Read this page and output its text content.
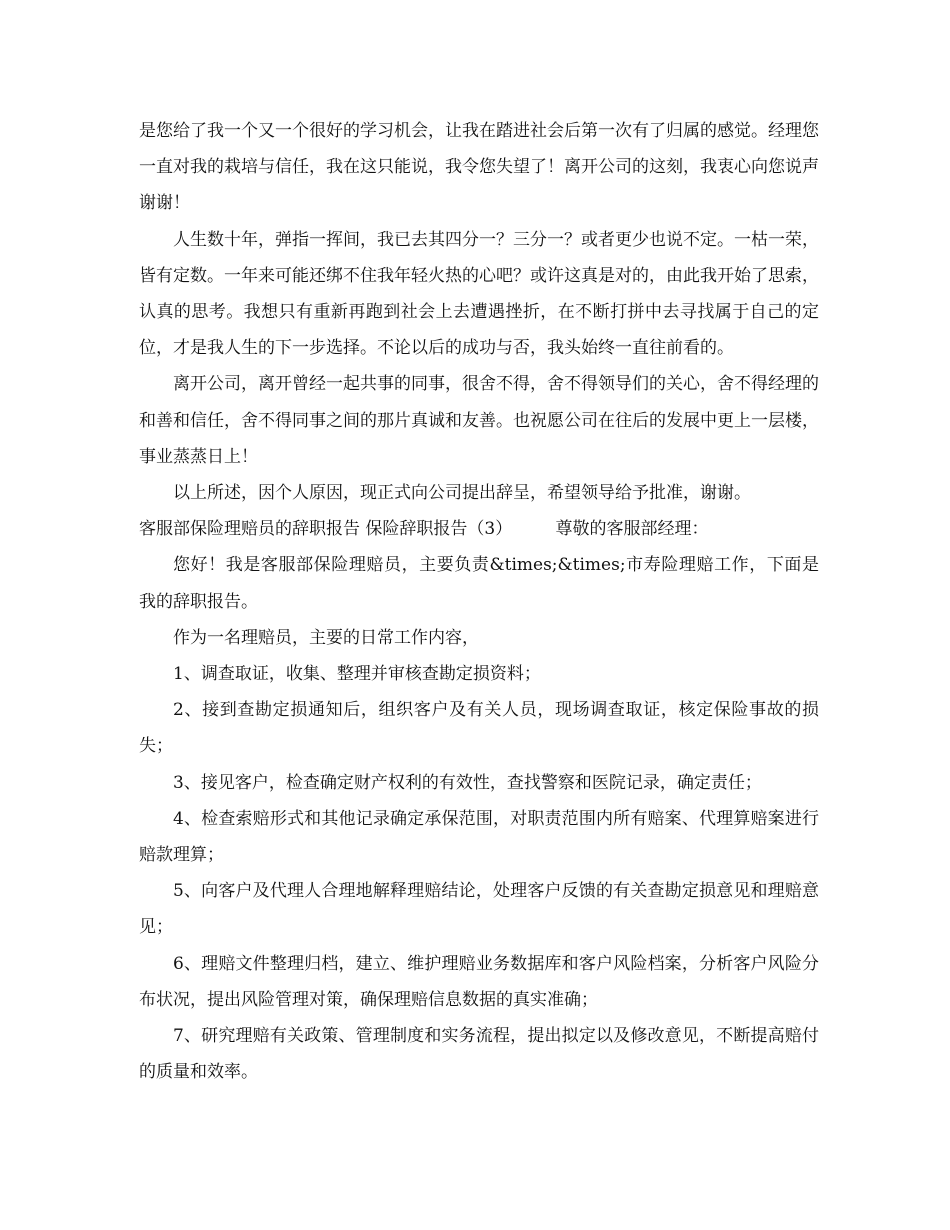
是您给了我一个又一个很好的学习机会，让我在踏进社会后第一次有了归属的感觉。经理您一直对我的栽培与信任，我在这只能说，我令您失望了！离开公司的这刻，我衷心向您说声谢谢！

人生数十年，弹指一挥间，我已去其四分一？三分一？或者更少也说不定。一枯一荣，皆有定数。一年来可能还绑不住我年轻火热的心吧？或许这真是对的，由此我开始了思索，认真的思考。我想只有重新再跑到社会上去遭遇挫折，在不断打拼中去寻找属于自己的定位，才是我人生的下一步选择。不论以后的成功与否，我头始终一直往前看的。

离开公司，离开曾经一起共事的同事，很舍不得，舍不得领导们的关心，舍不得经理的和善和信任，舍不得同事之间的那片真诚和友善。也祝愿公司在往后的发展中更上一层楼，事业蒸蒸日上！

以上所述，因个人原因，现正式向公司提出辞呈，希望领导给予批准，谢谢。

客服部保险理赔员的辞职报告 保险辞职报告（3）        尊敬的客服部经理：

您好！我是客服部保险理赔员，主要负责&times;&times;市寿险理赔工作，下面是我的辞职报告。

作为一名理赔员，主要的日常工作内容，

1、调查取证，收集、整理并审核查勘定损资料；

2、接到查勘定损通知后，组织客户及有关人员，现场调查取证，核定保险事故的损失；

3、接见客户，检查确定财产权利的有效性，查找警察和医院记录，确定责任；

4、检查索赔形式和其他记录确定承保范围，对职责范围内所有赔案、代理算赔案进行赔款理算；

5、向客户及代理人合理地解释理赔结论，处理客户反馈的有关查勘定损意见和理赔意见；

6、理赔文件整理归档，建立、维护理赔业务数据库和客户风险档案，分析客户风险分布状况，提出风险管理对策，确保理赔信息数据的真实准确；

7、研究理赔有关政策、管理制度和实务流程，提出拟定以及修改意见，不断提高赔付的质量和效率。
